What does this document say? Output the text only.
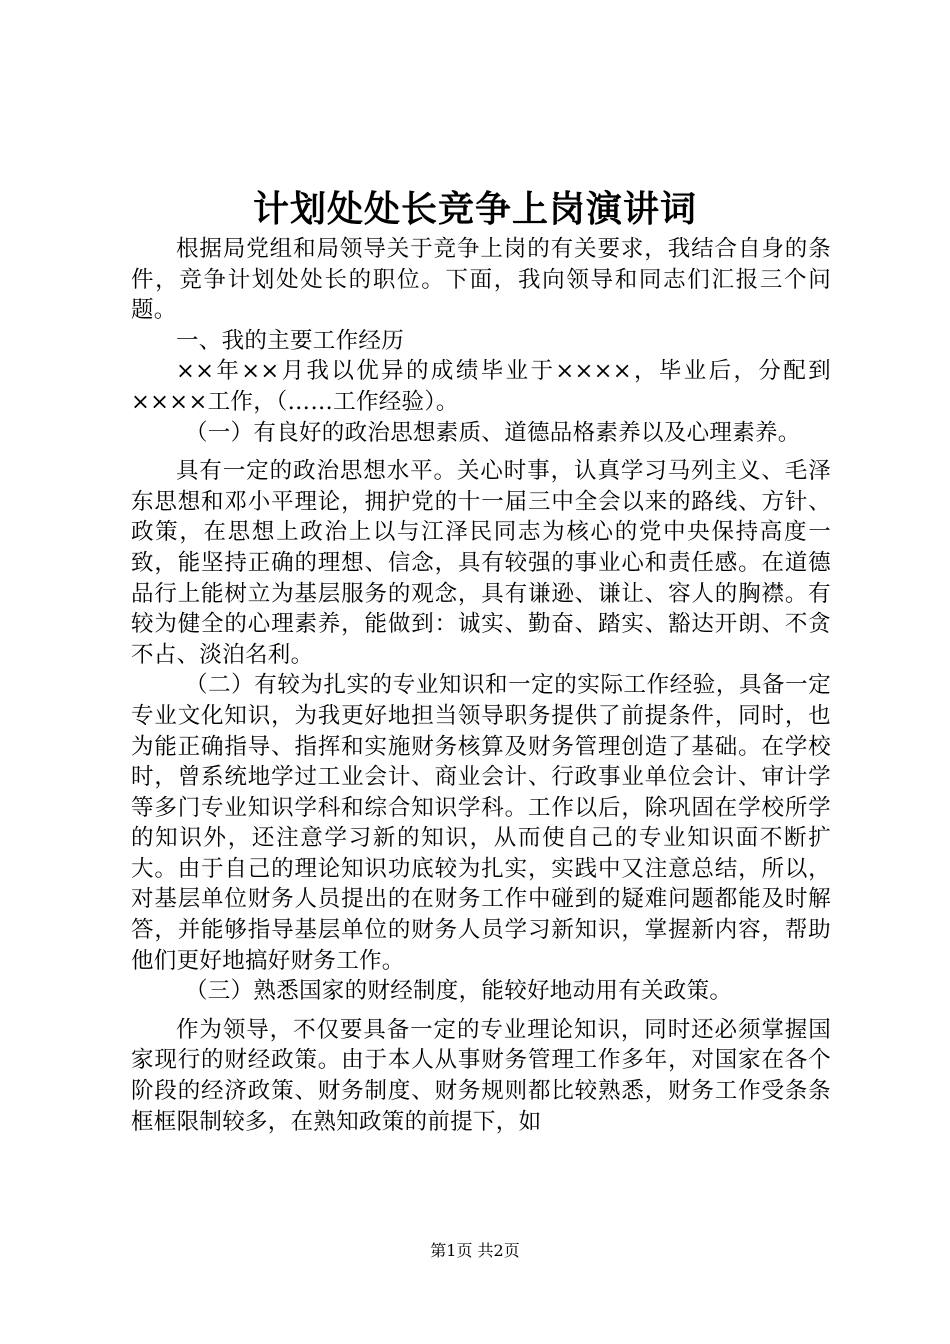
计划处处长竞争上岗演讲词

根据局党组和局领导关于竞争上岗的有关要求，我结合自身的条件，竞争计划处处长的职位。下面，我向领导和同志们汇报三个问题。

一、我的主要工作经历

××年××月我以优异的成绩毕业于××××，毕业后，分配到××××工作，（……工作经验）。

（一）有良好的政治思想素质、道德品格素养以及心理素养。

具有一定的政治思想水平。关心时事，认真学习马列主义、毛泽东思想和邓小平理论，拥护党的十一届三中全会以来的路线、方针、政策，在思想上政治上以与江泽民同志为核心的党中央保持高度一致，能坚持正确的理想、信念，具有较强的事业心和责任感。在道德品行上能树立为基层服务的观念，具有谦逊、谦让、容人的胸襟。有较为健全的心理素养，能做到：诚实、勤奋、踏实、豁达开朗、不贪不占、淡泊名利。

（二）有较为扎实的专业知识和一定的实际工作经验，具备一定专业文化知识，为我更好地担当领导职务提供了前提条件，同时，也为能正确指导、指挥和实施财务核算及财务管理创造了基础。在学校时，曾系统地学过工业会计、商业会计、行政事业单位会计、审计学等多门专业知识学科和综合知识学科。工作以后，除巩固在学校所学的知识外，还注意学习新的知识，从而使自己的专业知识面不断扩大。由于自己的理论知识功底较为扎实，实践中又注意总结，所以，对基层单位财务人员提出的在财务工作中碰到的疑难问题都能及时解答，并能够指导基层单位的财务人员学习新知识，掌握新内容，帮助他们更好地搞好财务工作。

（三）熟悉国家的财经制度，能较好地动用有关政策。

作为领导，不仅要具备一定的专业理论知识，同时还必须掌握国家现行的财经政策。由于本人从事财务管理工作多年，对国家在各个阶段的经济政策、财务制度、财务规则都比较熟悉，财务工作受条条框框限制较多，在熟知政策的前提下，如

第1页 共2页
